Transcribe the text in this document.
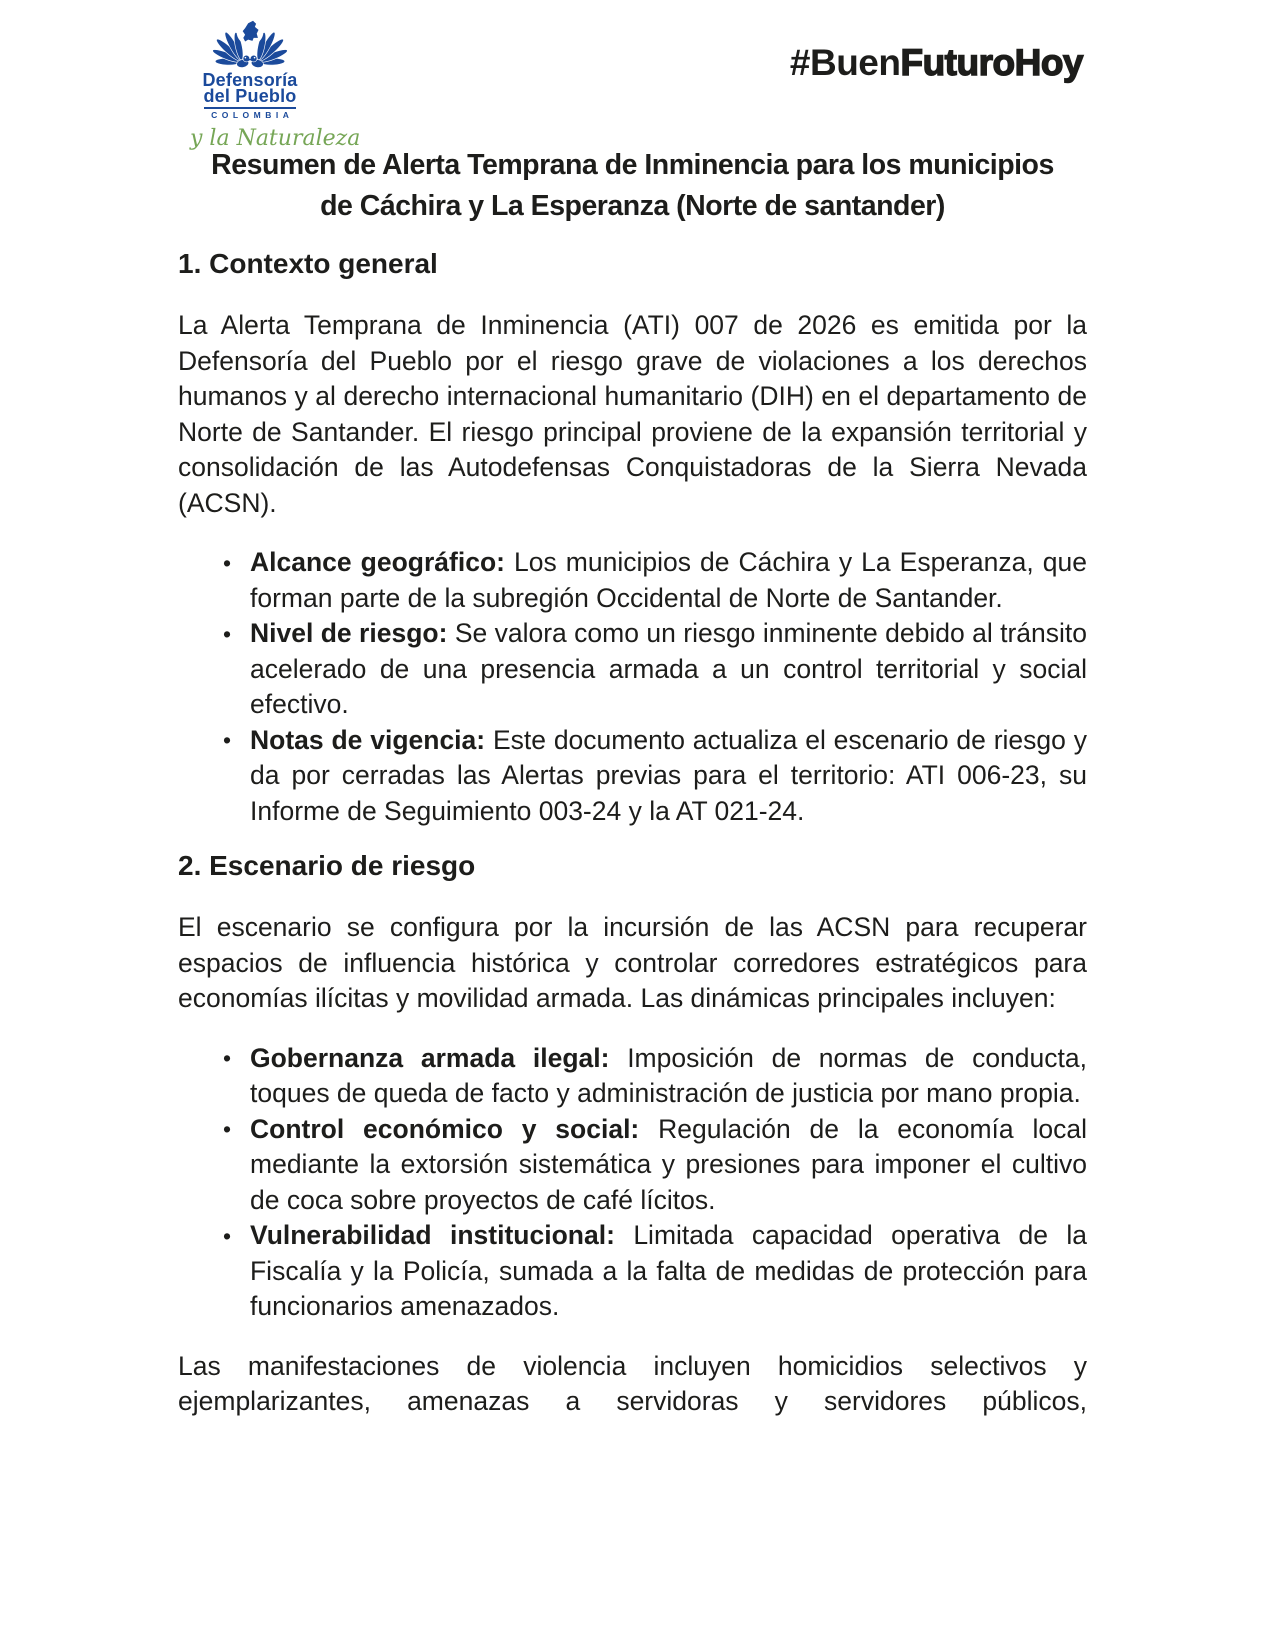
Defensoría
del Pueblo
COLOMBIA
y la Naturaleza
#BuenFuturoHoy
Resumen de Alerta Temprana de Inminencia para los municipios
de Cáchira y La Esperanza (Norte de santander)
1. Contexto general

La Alerta Temprana de Inminencia (ATI) 007 de 2026 es emitida por la Defensoría del Pueblo por el riesgo grave de violaciones a los derechos humanos y al derecho internacional humanitario (DIH) en el departamento de Norte de Santander. El riesgo principal proviene de la expansión territorial y consolidación de las Autodefensas Conquistadoras de la Sierra Nevada (ACSN).

• Alcance geográfico: Los municipios de Cáchira y La Esperanza, que forman parte de la subregión Occidental de Norte de Santander.
• Nivel de riesgo: Se valora como un riesgo inminente debido al tránsito acelerado de una presencia armada a un control territorial y social efectivo.
• Notas de vigencia: Este documento actualiza el escenario de riesgo y da por cerradas las Alertas previas para el territorio: ATI 006-23, su Informe de Seguimiento 003-24 y la AT 021-24.
2. Escenario de riesgo

El escenario se configura por la incursión de las ACSN para recuperar espacios de influencia histórica y controlar corredores estratégicos para economías ilícitas y movilidad armada. Las dinámicas principales incluyen:

• Gobernanza armada ilegal: Imposición de normas de conducta, toques de queda de facto y administración de justicia por mano propia.
• Control económico y social: Regulación de la economía local mediante la extorsión sistemática y presiones para imponer el cultivo de coca sobre proyectos de café lícitos.
• Vulnerabilidad institucional: Limitada capacidad operativa de la Fiscalía y la Policía, sumada a la falta de medidas de protección para funcionarios amenazados.

Las manifestaciones de violencia incluyen homicidios selectivos y ejemplarizantes, amenazas a servidoras y servidores públicos,
